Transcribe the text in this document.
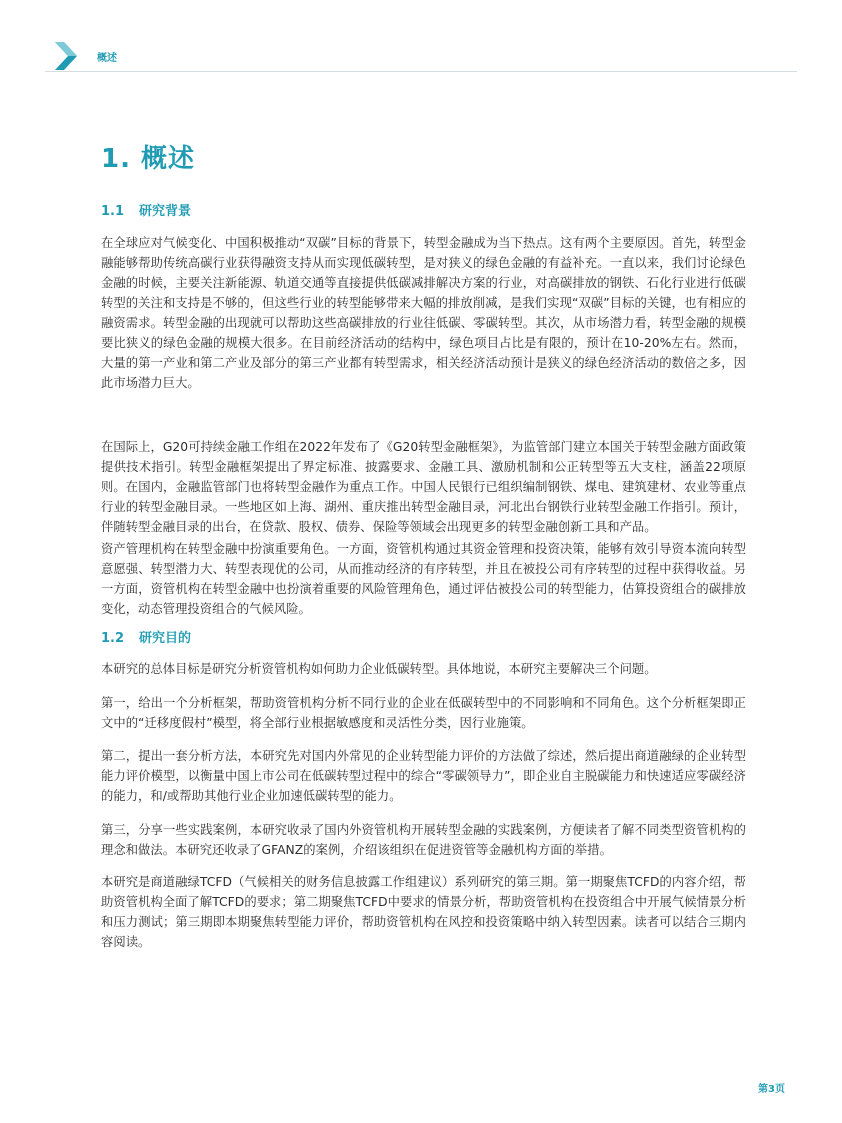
概述
1. 概述
1.1 研究背景

在全球应对气候变化、中国积极推动“双碳”目标的背景下，转型金融成为当下热点。这有两个主要原因。首先，转型金融能够帮助传统高碳行业获得融资支持从而实现低碳转型，是对狭义的绿色金融的有益补充。一直以来，我们讨论绿色金融的时候，主要关注新能源、轨道交通等直接提供低碳减排解决方案的行业，对高碳排放的钢铁、石化行业进行低碳转型的关注和支持是不够的，但这些行业的转型能够带来大幅的排放削减，是我们实现“双碳”目标的关键，也有相应的融资需求。转型金融的出现就可以帮助这些高碳排放的行业往低碳、零碳转型。其次，从市场潜力看，转型金融的规模要比狭义的绿色金融的规模大很多。在目前经济活动的结构中，绿色项目占比是有限的，预计在10-20%左右。然而，大量的第一产业和第二产业及部分的第三产业都有转型需求，相关经济活动预计是狭义的绿色经济活动的数倍之多，因此市场潜力巨大。

在国际上，G20可持续金融工作组在2022年发布了《G20转型金融框架》，为监管部门建立本国关于转型金融方面政策提供技术指引。转型金融框架提出了界定标准、披露要求、金融工具、激励机制和公正转型等五大支柱，涵盖22项原则。在国内，金融监管部门也将转型金融作为重点工作。中国人民银行已组织编制钢铁、煤电、建筑建材、农业等重点行业的转型金融目录。一些地区如上海、湖州、重庆推出转型金融目录，河北出台钢铁行业转型金融工作指引。预计，伴随转型金融目录的出台，在贷款、股权、债券、保险等领域会出现更多的转型金融创新工具和产品。

资产管理机构在转型金融中扮演重要角色。一方面，资管机构通过其资金管理和投资决策，能够有效引导资本流向转型意愿强、转型潜力大、转型表现优的公司，从而推动经济的有序转型，并且在被投公司有序转型的过程中获得收益。另一方面，资管机构在转型金融中也扮演着重要的风险管理角色，通过评估被投公司的转型能力，估算投资组合的碳排放变化，动态管理投资组合的气候风险。

1.2 研究目的

本研究的总体目标是研究分析资管机构如何助力企业低碳转型。具体地说，本研究主要解决三个问题。

第一，给出一个分析框架，帮助资管机构分析不同行业的企业在低碳转型中的不同影响和不同角色。这个分析框架即正文中的“迁移度假村”模型，将全部行业根据敏感度和灵活性分类，因行业施策。

第二，提出一套分析方法，本研究先对国内外常见的企业转型能力评价的方法做了综述，然后提出商道融绿的企业转型能力评价模型，以衡量中国上市公司在低碳转型过程中的综合“零碳领导力”，即企业自主脱碳能力和快速适应零碳经济的能力，和/或帮助其他行业企业加速低碳转型的能力。

第三，分享一些实践案例，本研究收录了国内外资管机构开展转型金融的实践案例，方便读者了解不同类型资管机构的理念和做法。本研究还收录了GFANZ的案例，介绍该组织在促进资管等金融机构方面的举措。

本研究是商道融绿TCFD（气候相关的财务信息披露工作组建议）系列研究的第三期。第一期聚焦TCFD的内容介绍，帮助资管机构全面了解TCFD的要求；第二期聚焦TCFD中要求的情景分析，帮助资管机构在投资组合中开展气候情景分析和压力测试；第三期即本期聚焦转型能力评价，帮助资管机构在风控和投资策略中纳入转型因素。读者可以结合三期内容阅读。

第3页
